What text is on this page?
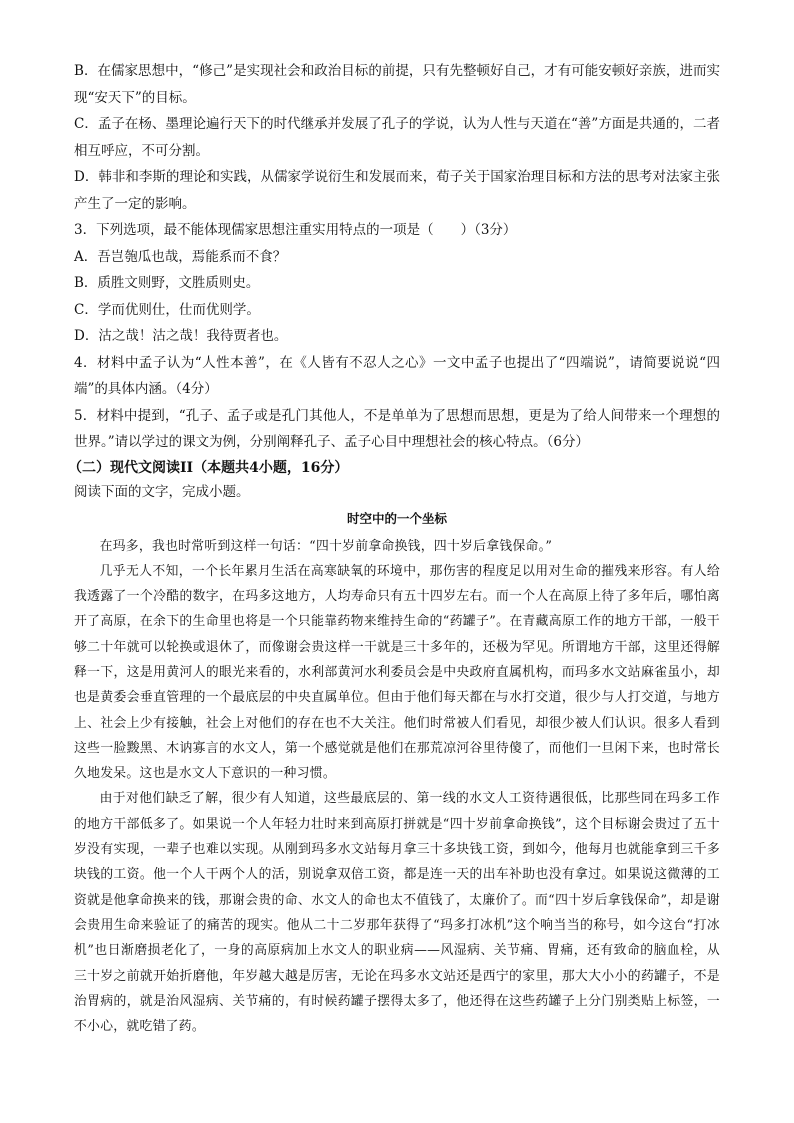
B．在儒家思想中，“修己”是实现社会和政治目标的前提，只有先整顿好自己，才有可能安顿好亲族，进而实现“安天下”的目标。

C．孟子在杨、墨理论遍行天下的时代继承并发展了孔子的学说，认为人性与天道在“善”方面是共通的，二者相互呼应，不可分割。

D．韩非和李斯的理论和实践，从儒家学说衍生和发展而来，荀子关于国家治理目标和方法的思考对法家主张产生了一定的影响。

3．下列选项，最不能体现儒家思想注重实用特点的一项是（　　）（3分）

A．吾岂匏瓜也哉，焉能系而不食？

B．质胜文则野，文胜质则史。

C．学而优则仕，仕而优则学。

D．沽之哉！沽之哉！我待贾者也。

4．材料中孟子认为“人性本善”，在《人皆有不忍人之心》一文中孟子也提出了“四端说”，请简要说说“四端”的具体内涵。（4分）

5．材料中提到，“孔子、孟子或是孔门其他人，不是单单为了思想而思想，更是为了给人间带来一个理想的世界。”请以学过的课文为例，分别阐释孔子、孟子心目中理想社会的核心特点。（6分）

（二）现代文阅读II（本题共4小题，16分）

阅读下面的文字，完成小题。

时空中的一个坐标

在玛多，我也时常听到这样一句话：“四十岁前拿命换钱，四十岁后拿钱保命。”

几乎无人不知，一个长年累月生活在高寒缺氧的环境中，那伤害的程度足以用对生命的摧残来形容。有人给我透露了一个冷酷的数字，在玛多这地方，人均寿命只有五十四岁左右。而一个人在高原上待了多年后，哪怕离开了高原，在余下的生命里也将是一个只能靠药物来维持生命的“药罐子”。在青藏高原工作的地方干部，一般干够二十年就可以轮换或退休了，而像谢会贵这样一干就是三十多年的，还极为罕见。所谓地方干部，这里还得解释一下，这是用黄河人的眼光来看的，水利部黄河水利委员会是中央政府直属机构，而玛多水文站麻雀虽小，却也是黄委会垂直管理的一个最底层的中央直属单位。但由于他们每天都在与水打交道，很少与人打交道，与地方上、社会上少有接触，社会上对他们的存在也不大关注。他们时常被人们看见，却很少被人们认识。很多人看到这些一脸黢黑、木讷寡言的水文人，第一个感觉就是他们在那荒凉河谷里待傻了，而他们一旦闲下来，也时常长久地发呆。这也是水文人下意识的一种习惯。

由于对他们缺乏了解，很少有人知道，这些最底层的、第一线的水文人工资待遇很低，比那些同在玛多工作的地方干部低多了。如果说一个人年轻力壮时来到高原打拼就是“四十岁前拿命换钱”，这个目标谢会贵过了五十岁没有实现，一辈子也难以实现。从刚到玛多水文站每月拿三十多块钱工资，到如今，他每月也就能拿到三千多块钱的工资。他一个人干两个人的活，别说拿双倍工资，都是连一天的出车补助也没有拿过。如果说这微薄的工资就是他拿命换来的钱，那谢会贵的命、水文人的命也太不值钱了，太廉价了。而“四十岁后拿钱保命”，却是谢会贵用生命来验证了的痛苦的现实。他从二十二岁那年获得了“玛多打冰机”这个响当当的称号，如今这台“打冰机”也日渐磨损老化了，一身的高原病加上水文人的职业病——风湿病、关节痛、胃痛，还有致命的脑血栓，从三十岁之前就开始折磨他，年岁越大越是厉害，无论在玛多水文站还是西宁的家里，那大大小小的药罐子，不是治胃病的，就是治风湿病、关节痛的，有时候药罐子摆得太多了，他还得在这些药罐子上分门别类贴上标签，一不小心，就吃错了药。
